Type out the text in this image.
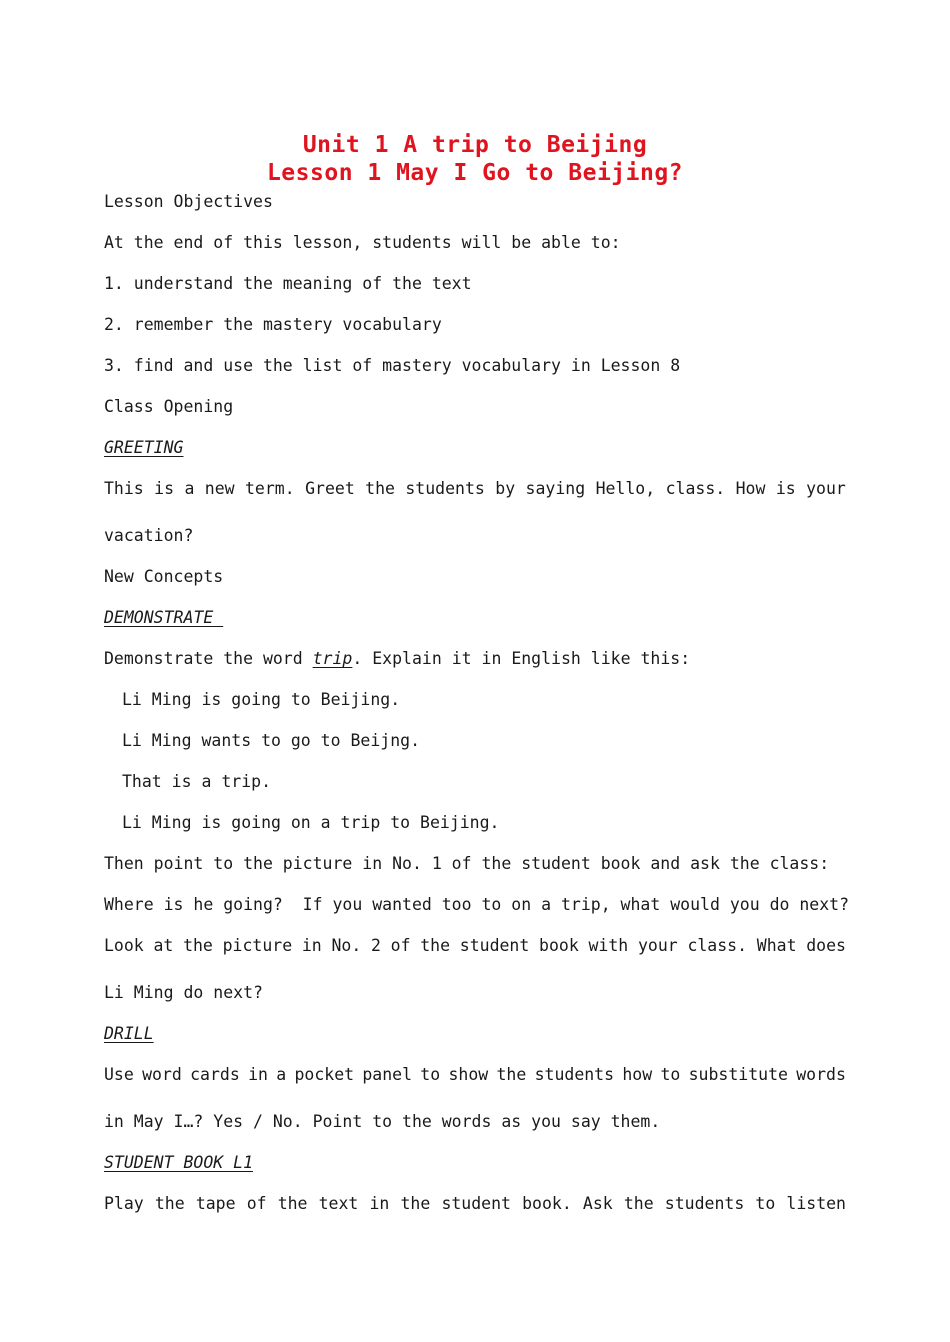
Unit 1 A trip to Beijing
Lesson 1 May I Go to Beijing?
Lesson Objectives
At the end of this lesson, students will be able to:
1. understand the meaning of the text
2. remember the mastery vocabulary
3. find and use the list of mastery vocabulary in Lesson 8
Class Opening
GREETING
This is a new term. Greet the students by saying Hello, class. How is your
vacation?
New Concepts
DEMONSTRATE
Demonstrate the word trip. Explain it in English like this:
Li Ming is going to Beijing.
Li Ming wants to go to Beijng.
That is a trip.
Li Ming is going on a trip to Beijing.
Then point to the picture in No. 1 of the student book and ask the class:
Where is he going?  If you wanted too to on a trip, what would you do next?
Look at the picture in No. 2 of the student book with your class. What does
Li Ming do next?
DRILL
Use word cards in a pocket panel to show the students how to substitute words
in May I…? Yes / No. Point to the words as you say them.
STUDENT BOOK L1
Play the tape of the text in the student book. Ask the students to listen
